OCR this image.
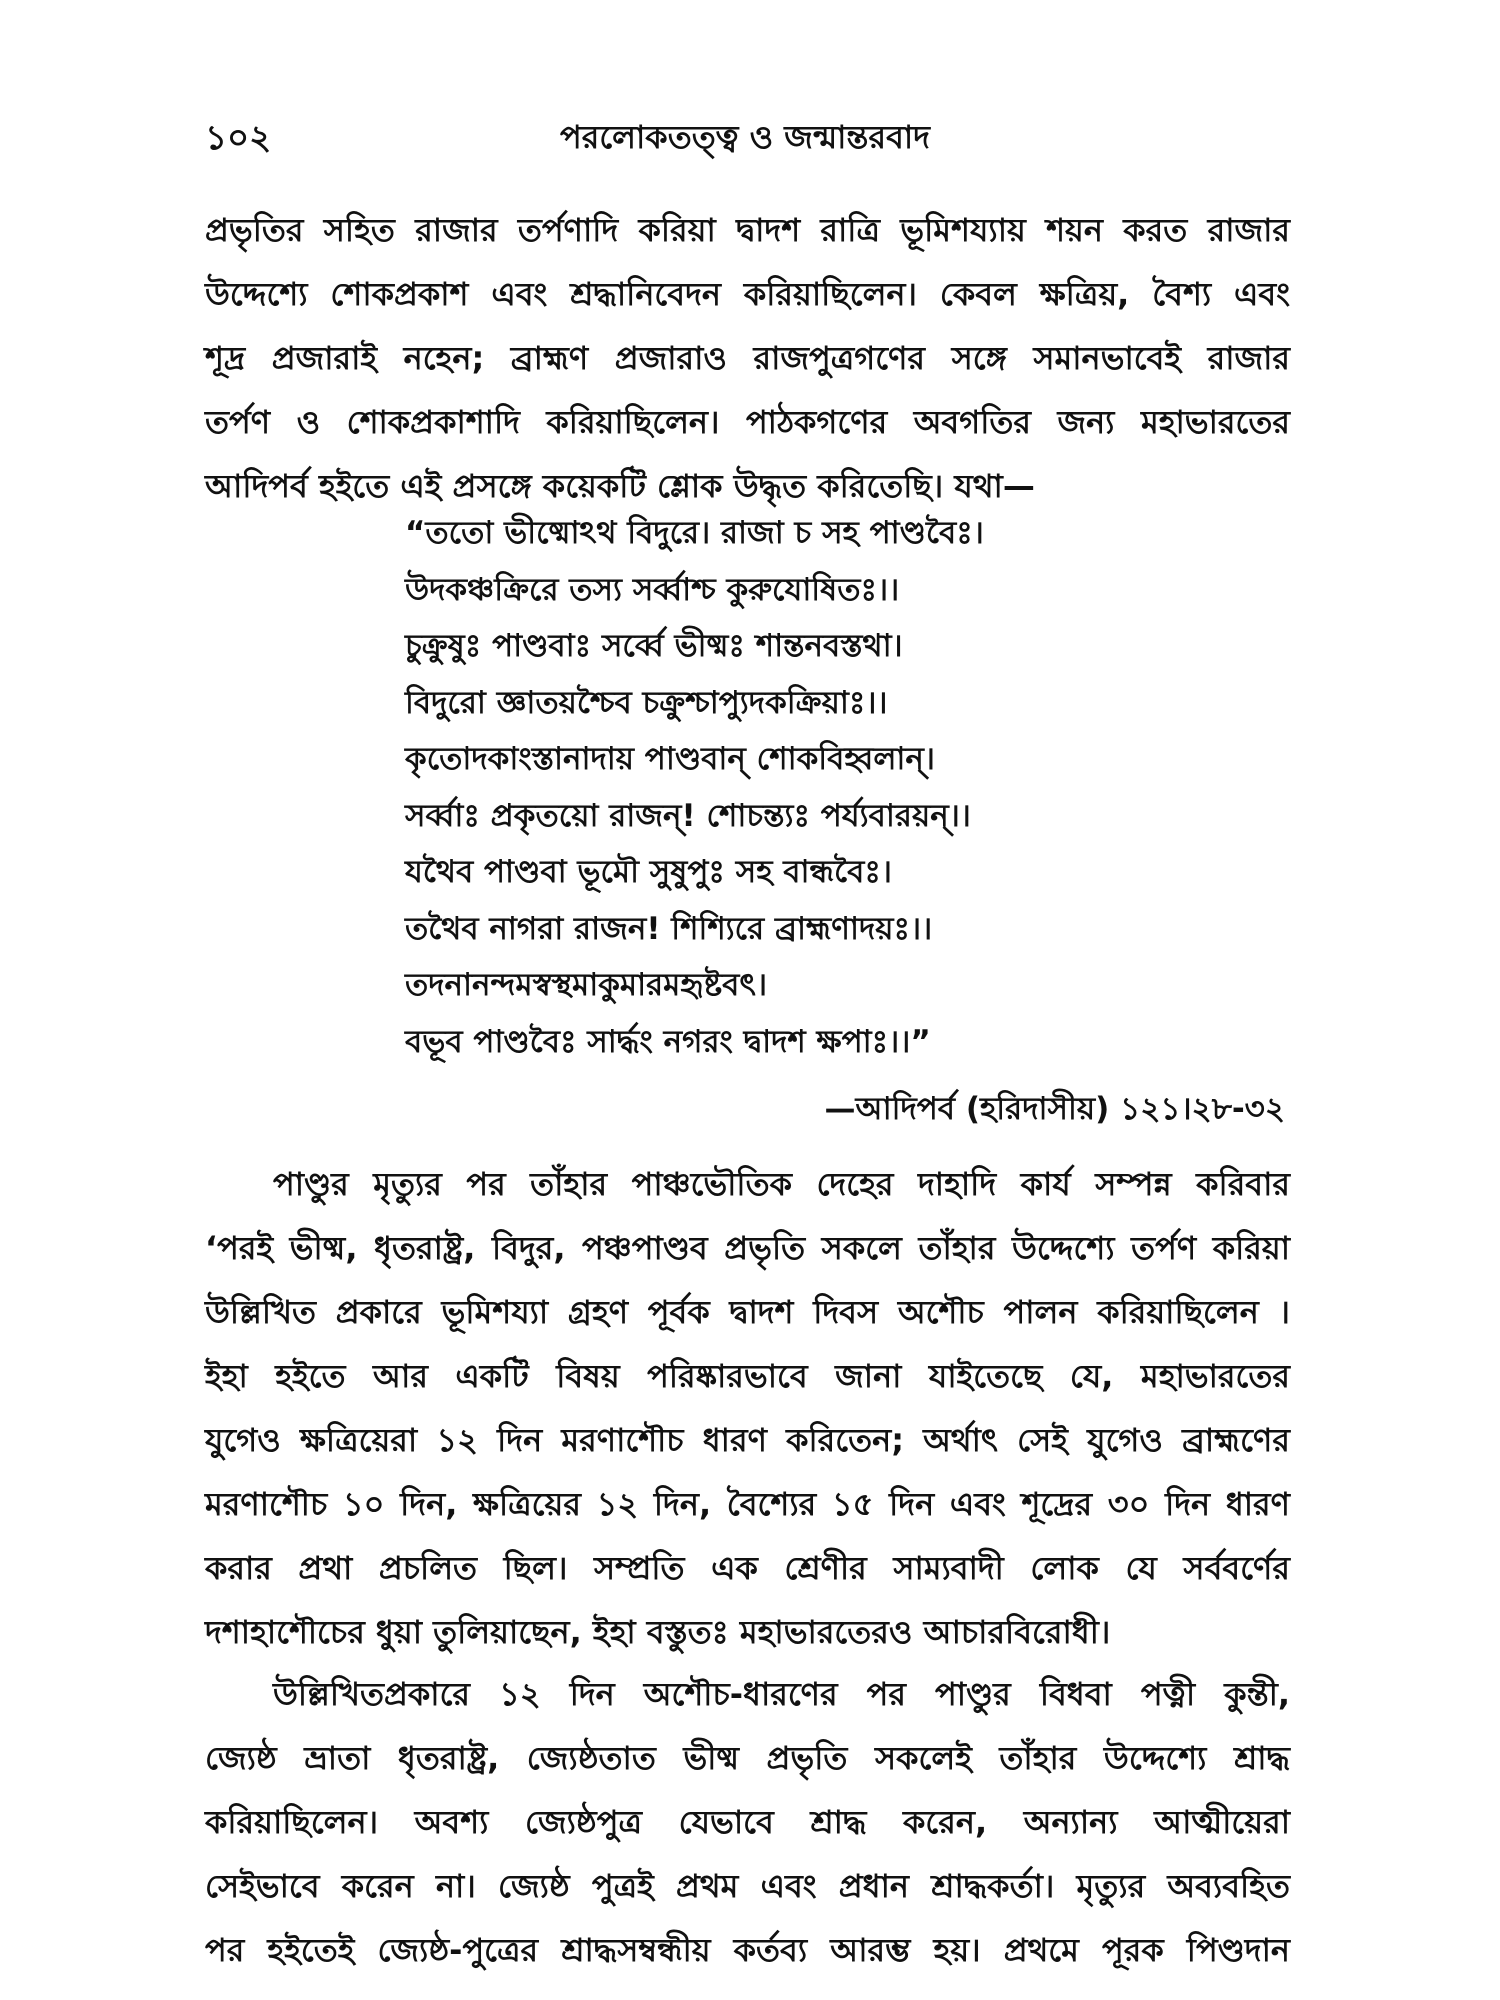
১০২	পরলোকতত্ত্ব ও জন্মান্তরবাদ
প্রভৃতির সহিত রাজার তর্পণাদি করিয়া দ্বাদশ রাত্রি ভূমিশয্যায় শয়ন করত রাজার
উদ্দেশ্যে শোকপ্রকাশ এবং শ্রদ্ধানিবেদন করিয়াছিলেন। কেবল ক্ষত্রিয়, বৈশ্য এবং
শূদ্র প্রজারাই নহেন; ব্রাহ্মণ প্রজারাও রাজপুত্রগণের সঙ্গে সমানভাবেই রাজার
তর্পণ ও শোকপ্রকাশাদি করিয়াছিলেন। পাঠকগণের অবগতির জন্য মহাভারতের
আদিপর্ব হইতে এই প্রসঙ্গে কয়েকটি শ্লোক উদ্ধৃত করিতেছি। যথা—
“ততো ভীষ্মোঽথ বিদুরে। রাজা চ সহ পাণ্ডবৈঃ।
উদকঞ্চক্রিরে তস্য সর্ব্বাশ্চ কুরুযোষিতঃ।।
চুক্রুষুঃ পাণ্ডবাঃ সর্ব্বে ভীষ্মঃ শান্তনবস্তথা।
বিদুরো জ্ঞাতয়শ্চৈব চক্রুশ্চাপ্যুদকক্রিয়াঃ।।
কৃতোদকাংস্তানাদায় পাণ্ডবান্ শোকবিহ্বলান্।
সর্ব্বাঃ প্রকৃতয়ো রাজন্! শোচন্ত্যঃ পর্য্যবারয়ন্।।
যথৈব পাণ্ডবা ভূমৌ সুষুপুঃ সহ বান্ধবৈঃ।
তথৈব নাগরা রাজন! শিশ্যিরে ব্রাহ্মণাদয়ঃ।।
তদনানন্দমস্বস্থমাকুমারমহৃষ্টবৎ।
বভূব পাণ্ডবৈঃ সার্দ্ধং নগরং দ্বাদশ ক্ষপাঃ।।”
—আদিপর্ব (হরিদাসীয়) ১২১।২৮-৩২
পাণ্ডুর মৃত্যুর পর তাঁহার পাঞ্চভৌতিক দেহের দাহাদি কার্য সম্পন্ন করিবার
‘পরই ভীষ্ম, ধৃতরাষ্ট্র, বিদুর, পঞ্চপাণ্ডব প্রভৃতি সকলে তাঁহার উদ্দেশ্যে তর্পণ করিয়া
উল্লিখিত প্রকারে ভূমিশয্যা গ্রহণ পূর্বক দ্বাদশ দিবস অশৌচ পালন করিয়াছিলেন ।
ইহা হইতে আর একটি বিষয় পরিষ্কারভাবে জানা যাইতেছে যে, মহাভারতের
যুগেও ক্ষত্রিয়েরা ১২ দিন মরণাশৌচ ধারণ করিতেন; অর্থাৎ সেই যুগেও ব্রাহ্মণের
মরণাশৌচ ১০ দিন, ক্ষত্রিয়ের ১২ দিন, বৈশ্যের ১৫ দিন এবং শূদ্রের ৩০ দিন ধারণ
করার প্রথা প্রচলিত ছিল। সম্প্রতি এক শ্রেণীর সাম্যবাদী লোক যে সর্ববর্ণের
দশাহাশৌচের ধুয়া তুলিয়াছেন, ইহা বস্তুতঃ মহাভারতেরও আচারবিরোধী।
উল্লিখিতপ্রকারে ১২ দিন অশৌচ-ধারণের পর পাণ্ডুর বিধবা পত্নী কুন্তী,
জ্যেষ্ঠ ভ্রাতা ধৃতরাষ্ট্র, জ্যেষ্ঠতাত ভীষ্ম প্রভৃতি সকলেই তাঁহার উদ্দেশ্যে শ্রাদ্ধ
করিয়াছিলেন। অবশ্য জ্যেষ্ঠপুত্র যেভাবে শ্রাদ্ধ করেন, অন্যান্য আত্মীয়েরা
সেইভাবে করেন না। জ্যেষ্ঠ পুত্রই প্রথম এবং প্রধান শ্রাদ্ধকর্তা। মৃত্যুর অব্যবহিত
পর হইতেই জ্যেষ্ঠ-পুত্রের শ্রাদ্ধসম্বন্ধীয় কর্তব্য আরম্ভ হয়। প্রথমে পূরক পিণ্ডদান
